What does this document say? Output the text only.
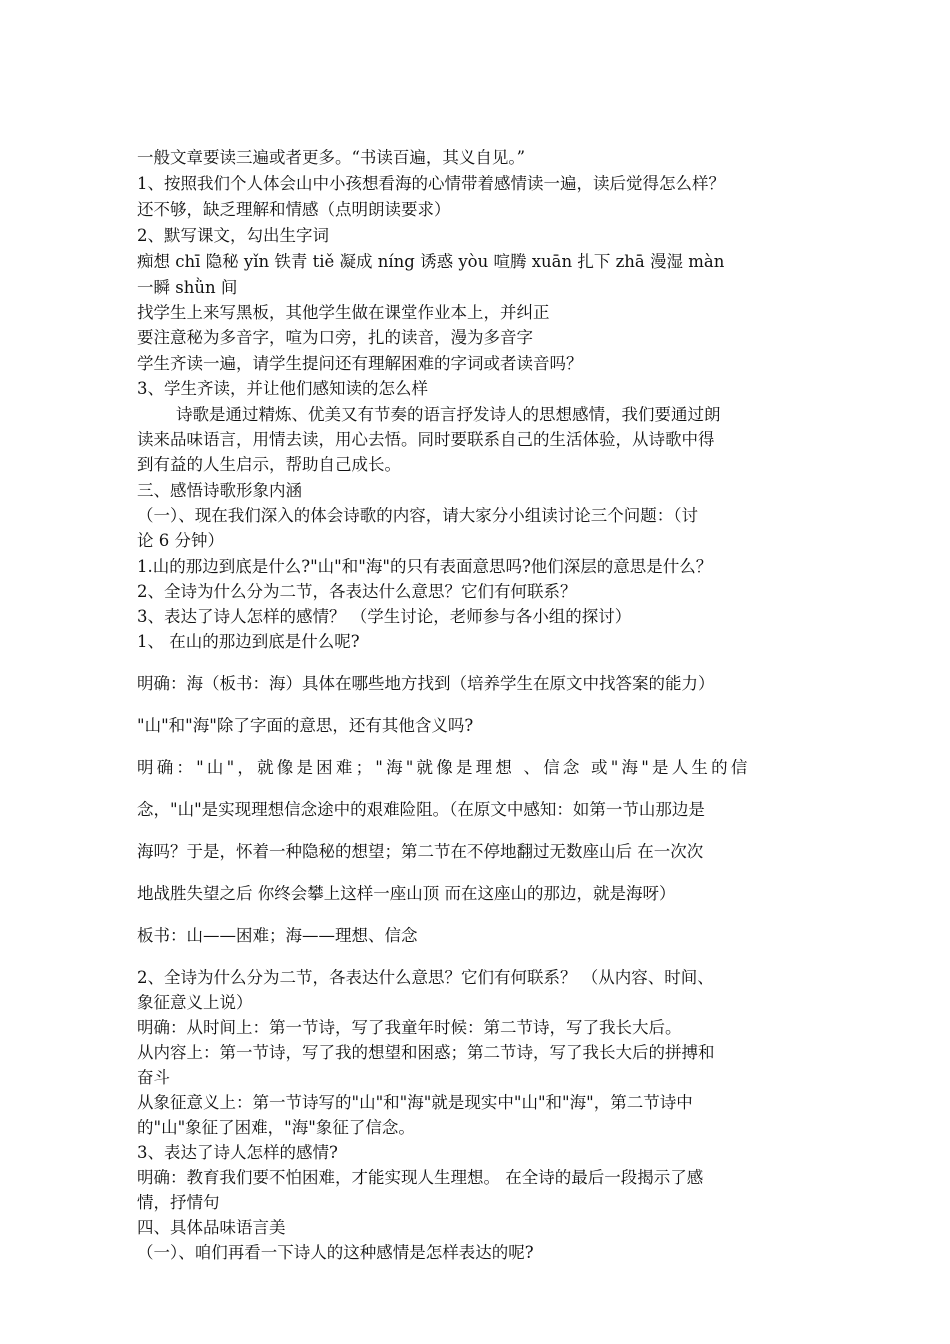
一般文章要读三遍或者更多。“书读百遍，其义自见。”
1、按照我们个人体会山中小孩想看海的心情带着感情读一遍，读后觉得怎么样？
还不够，缺乏理解和情感（点明朗读要求）
2、默写课文，勾出生字词
痴想 chī 隐秘 yǐn 铁青 tiě 凝成 níng 诱惑 yòu 喧腾 xuān 扎下 zhā 漫湿 màn
一瞬 shǜn 间
找学生上来写黑板，其他学生做在课堂作业本上，并纠正
要注意秘为多音字，喧为口旁，扎的读音，漫为多音字
学生齐读一遍，请学生提问还有理解困难的字词或者读音吗？
3、学生齐读，并让他们感知读的怎么样
诗歌是通过精炼、优美又有节奏的语言抒发诗人的思想感情，我们要通过朗
读来品味语言，用情去读，用心去悟。同时要联系自己的生活体验，从诗歌中得
到有益的人生启示，帮助自己成长。
三、感悟诗歌形象内涵
（一）、现在我们深入的体会诗歌的内容，请大家分小组读讨论三个问题：（讨
论 6 分钟）
1.山的那边到底是什么?"山"和"海"的只有表面意思吗?他们深层的意思是什么？
2、全诗为什么分为二节，各表达什么意思？它们有何联系？
3、表达了诗人怎样的感情？ （学生讨论，老师参与各小组的探讨）
1、 在山的那边到底是什么呢?
明确：海（板书：海）具体在哪些地方找到（培养学生在原文中找答案的能力）
"山"和"海"除了字面的意思，还有其他含义吗?
明确："山"，就像是困难；"海"就像是理想 、信念 或"海"是人生的信
念，"山"是实现理想信念途中的艰难险阻。（在原文中感知：如第一节山那边是
海吗？于是，怀着一种隐秘的想望；第二节在不停地翻过无数座山后 在一次次
地战胜失望之后 你终会攀上这样一座山顶 而在这座山的那边，就是海呀）
板书：山——困难；海——理想、信念
2、全诗为什么分为二节，各表达什么意思？它们有何联系？ （从内容、时间、
象征意义上说）
明确：从时间上：第一节诗，写了我童年时候：第二节诗，写了我长大后。
从内容上：第一节诗，写了我的想望和困惑；第二节诗，写了我长大后的拼搏和
奋斗
从象征意义上：第一节诗写的"山"和"海"就是现实中"山"和"海"，第二节诗中
的"山"象征了困难，"海"象征了信念。
3、表达了诗人怎样的感情?
明确：教育我们要不怕困难，才能实现人生理想。 在全诗的最后一段揭示了感
情，抒情句
四、具体品味语言美
（一）、咱们再看一下诗人的这种感情是怎样表达的呢?
